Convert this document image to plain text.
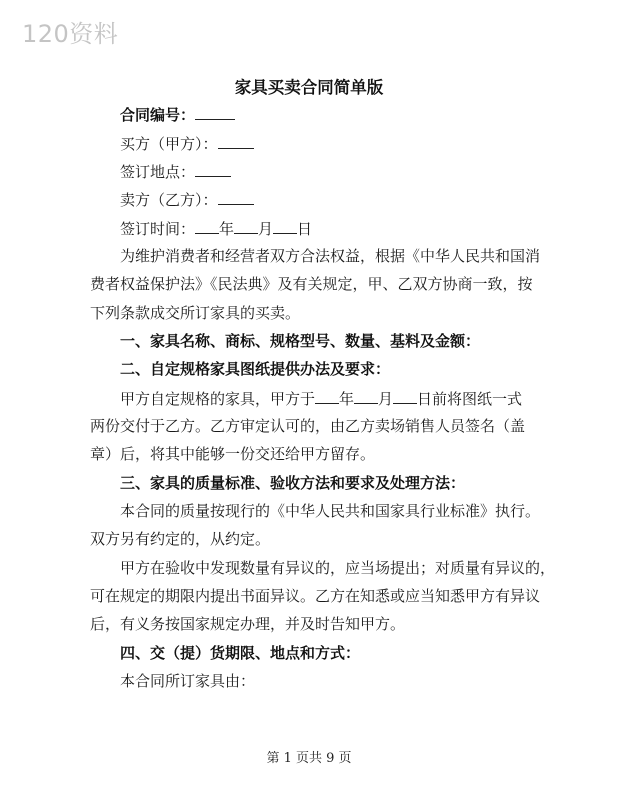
120资料
家具买卖合同简单版
合同编号：
买方（甲方）：
签订地点：
卖方（乙方）：
签订时间： 年 月 日
为维护消费者和经营者双方合法权益，根据《中华人民共和国消
费者权益保护法》《民法典》及有关规定，甲、乙双方协商一致，按
下列条款成交所订家具的买卖。
一、家具名称、商标、规格型号、数量、基料及金额：
二、自定规格家具图纸提供办法及要求：
甲方自定规格的家具，甲方于 年 月 日前将图纸一式
两份交付于乙方。乙方审定认可的，由乙方卖场销售人员签名（盖
章）后，将其中能够一份交还给甲方留存。
三、家具的质量标准、验收方法和要求及处理方法：
本合同的质量按现行的《中华人民共和国家具行业标准》执行。
双方另有约定的，从约定。
甲方在验收中发现数量有异议的，应当场提出；对质量有异议的，
可在规定的期限内提出书面异议。乙方在知悉或应当知悉甲方有异议
后，有义务按国家规定办理，并及时告知甲方。
四、交（提）货期限、地点和方式：
本合同所订家具由：
第 1 页共 9 页
